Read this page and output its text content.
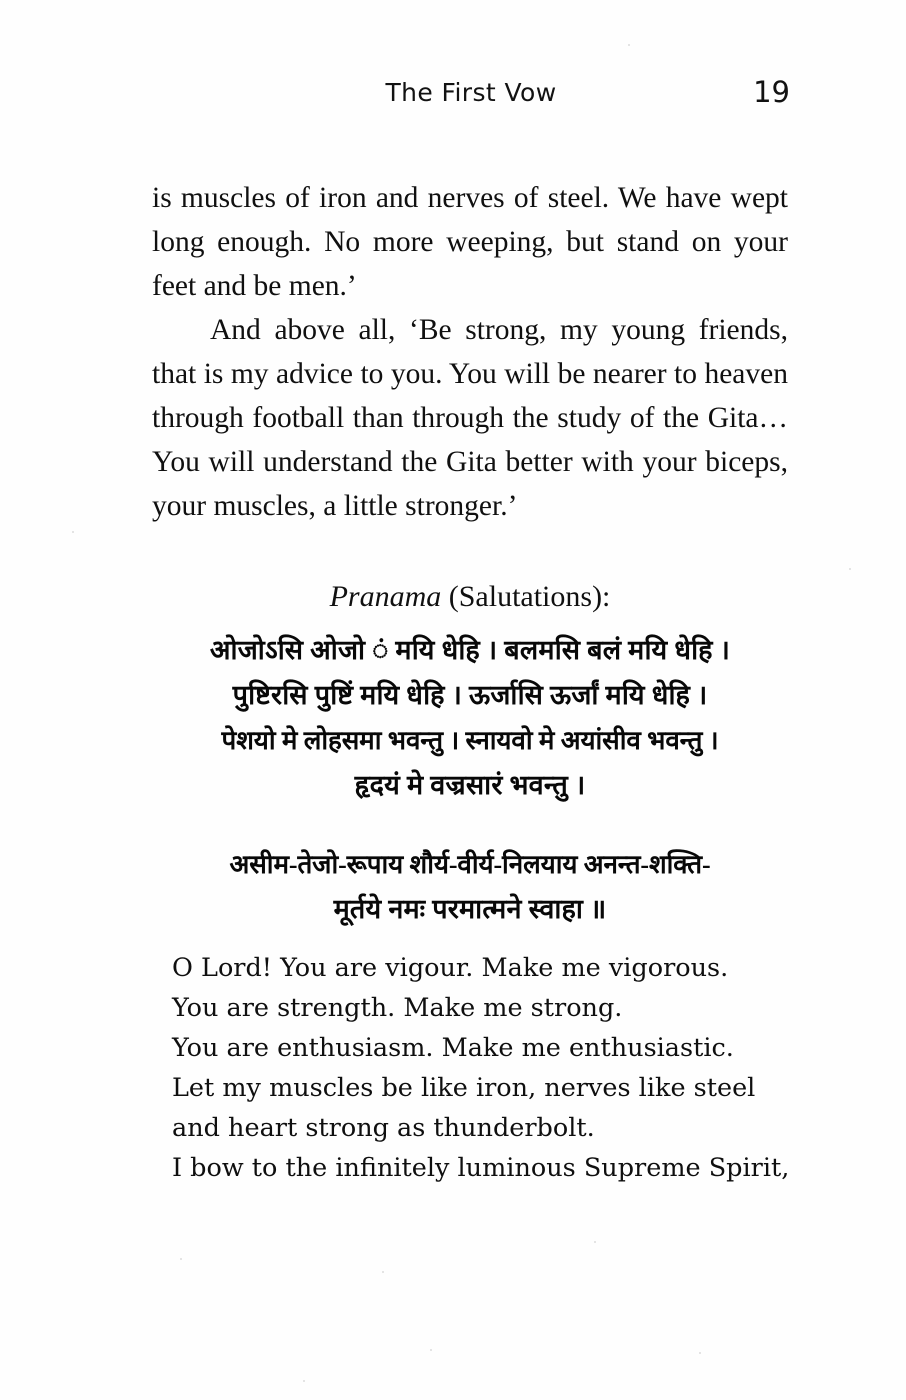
The First Vow	19

is muscles of iron and nerves of steel. We have wept long enough. No more weeping, but stand on your feet and be men.’

And above all, ‘Be strong, my young friends, that is my advice to you. You will be nearer to heaven through football than through the study of the Gita…You will understand the Gita better with your biceps, your muscles, a little stronger.’

Pranama (Salutations):

ओजोऽसि ओजो ं मयि धेहि । बलमसि बलं मयि धेहि ।
पुष्टिरसि पुष्टिं मयि धेहि । ऊर्जासि ऊर्जां मयि धेहि ।
पेशयो मे लोहसमा भवन्तु । स्नायवो मे अयांसीव भवन्तु ।
हृदयं मे वज्रसारं भवन्तु ।
असीम-तेजो-रूपाय शौर्य-वीर्य-निलयाय अनन्त-शक्ति-
मूर्तये नमः परमात्मने स्वाहा ॥
O Lord! You are vigour. Make me vigorous.
You are strength. Make me strong.
You are enthusiasm. Make me enthusiastic.
Let my muscles be like iron, nerves like steel
and heart strong as thunderbolt.
I bow to the infinitely luminous Supreme Spirit,
